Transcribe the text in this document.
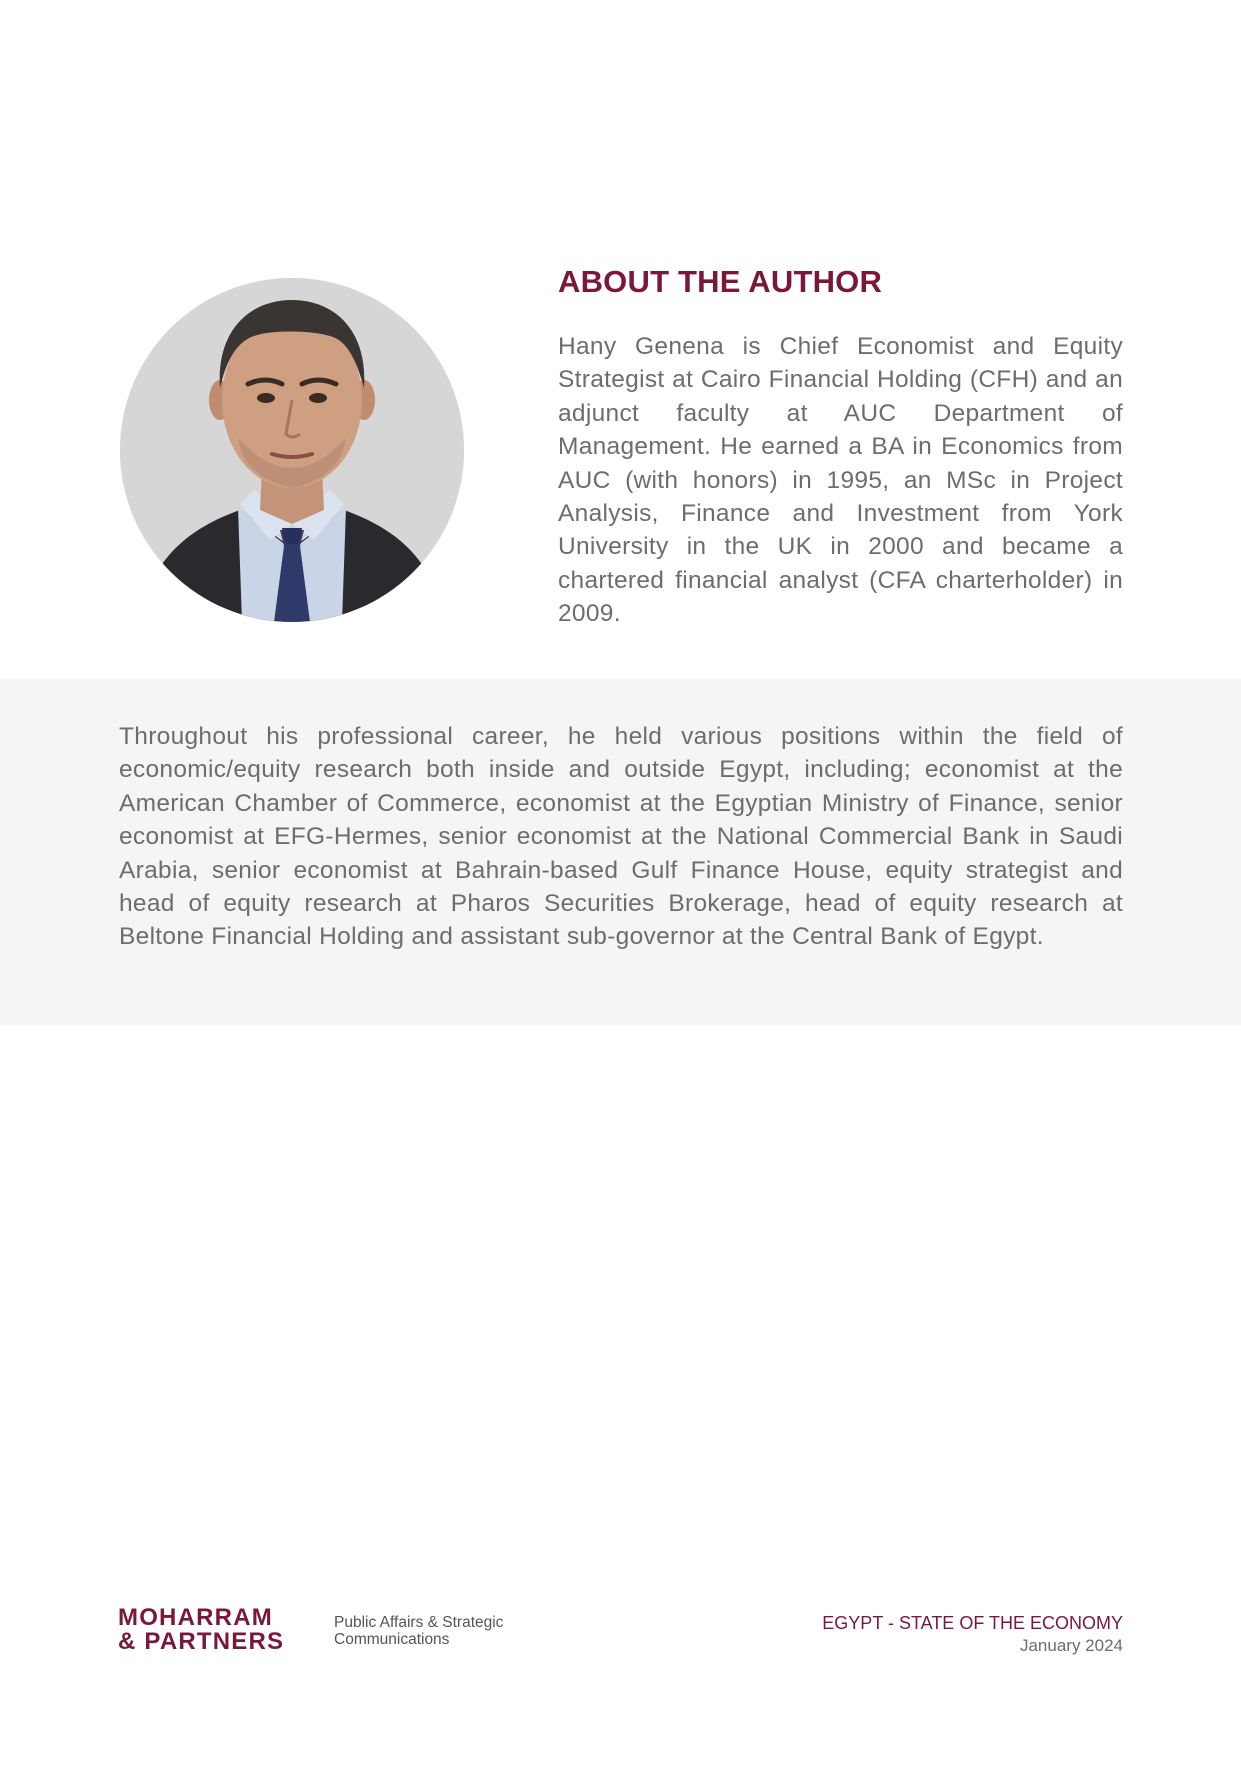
ABOUT THE AUTHOR

Hany Genena is Chief Economist and Equity Strategist at Cairo Financial Holding (CFH) and an adjunct faculty at AUC Department of Management. He earned a BA in Economics from AUC (with honors) in 1995, an MSc in Project Analysis, Finance and Investment from York University in the UK in 2000 and became a chartered financial analyst (CFA charterholder) in 2009.

Throughout his professional career, he held various positions within the field of economic/equity research both inside and outside Egypt, including; economist at the American Chamber of Commerce, economist at the Egyptian Ministry of Finance, senior economist at EFG-Hermes, senior economist at the National Commercial Bank in Saudi Arabia, senior economist at Bahrain-based Gulf Finance House, equity strategist and head of equity research at Pharos Securities Brokerage, head of equity research at Beltone Financial Holding and assistant sub-governor at the Central Bank of Egypt.

MOHARRAM
& PARTNERS
Public Affairs & Strategic
Communications
EGYPT - STATE OF THE ECONOMY
January 2024
